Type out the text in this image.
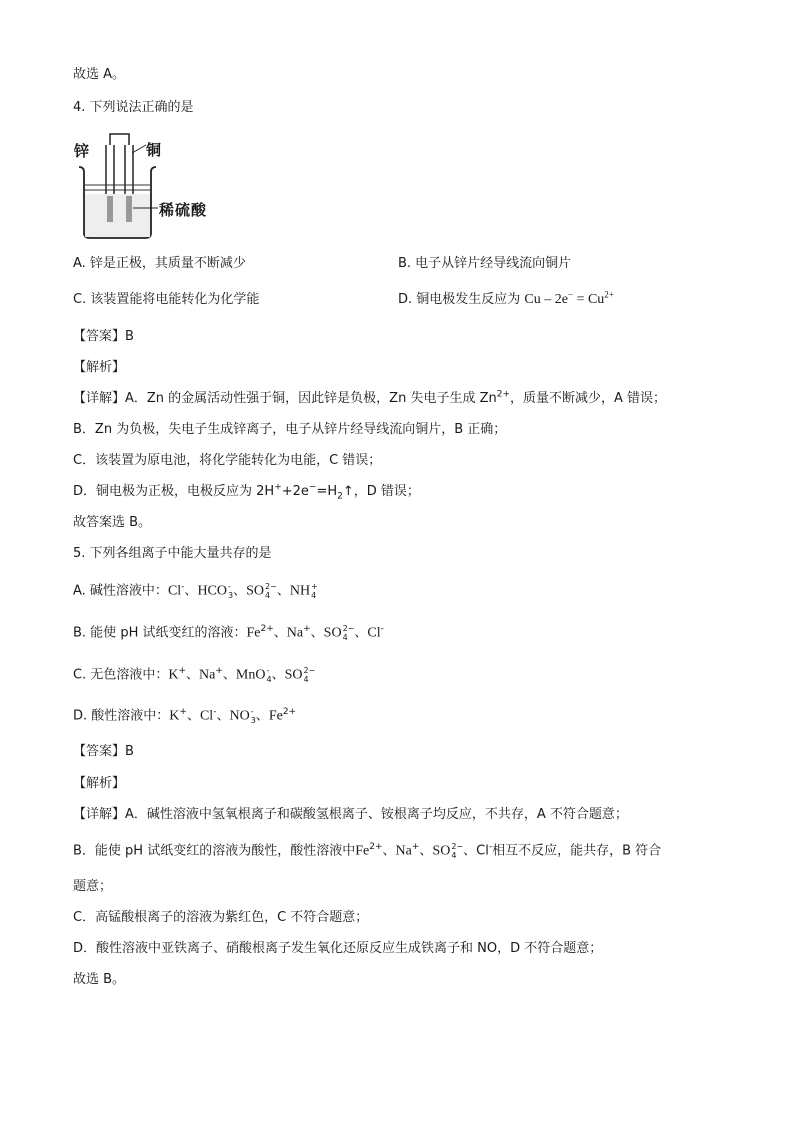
故选 A。
4. 下列说法正确的是
锌	铜
稀硫酸
A. 锌是正极，其质量不断减少	B. 电子从锌片经导线流向铜片
C. 该装置能将电能转化为化学能	D. 铜电极发生反应为 $Cu - 2e^- = Cu^{2+}$
【答案】B
【解析】
【详解】A．Zn 的金属活动性强于铜，因此锌是负极，Zn 失电子生成 $Zn^{2+}$，质量不断减少，A 错误；
B．Zn 为负极，失电子生成锌离子，电子从锌片经导线流向铜片，B 正确；
C．该装置为原电池，将化学能转化为电能，C 错误；
D．铜电极为正极，电极反应为 $2H^++2e^-=H_2↑$，D 错误；
故答案选 B。
5. 下列各组离子中能大量共存的是
A. 碱性溶液中：Cl-、HCO -
3 、SO 2−
4 、NH +
4
B. 能使 pH 试纸变红的溶液：$Fe^{2+}$、Na+、SO 2−
4 、Cl-
C. 无色溶液中：K+、Na+、MnO -
4 、SO 2−
4
D. 酸性溶液中：K+、Cl-、NO -
3 、$Fe^{2+}$
【答案】B
【解析】
【详解】A．碱性溶液中氢氧根离子和碳酸氢根离子、铵根离子均反应，不共存，A 不符合题意；
B．能使 pH 试纸变红的溶液为酸性，酸性溶液中$Fe^{2+}$、Na+、SO 2−
4 、Cl-相互不反应，能共存，B 符合
题意；
C．高锰酸根离子的溶液为紫红色，C 不符合题意；
D．酸性溶液中亚铁离子、硝酸根离子发生氧化还原反应生成铁离子和 NO，D 不符合题意；
故选 B。
